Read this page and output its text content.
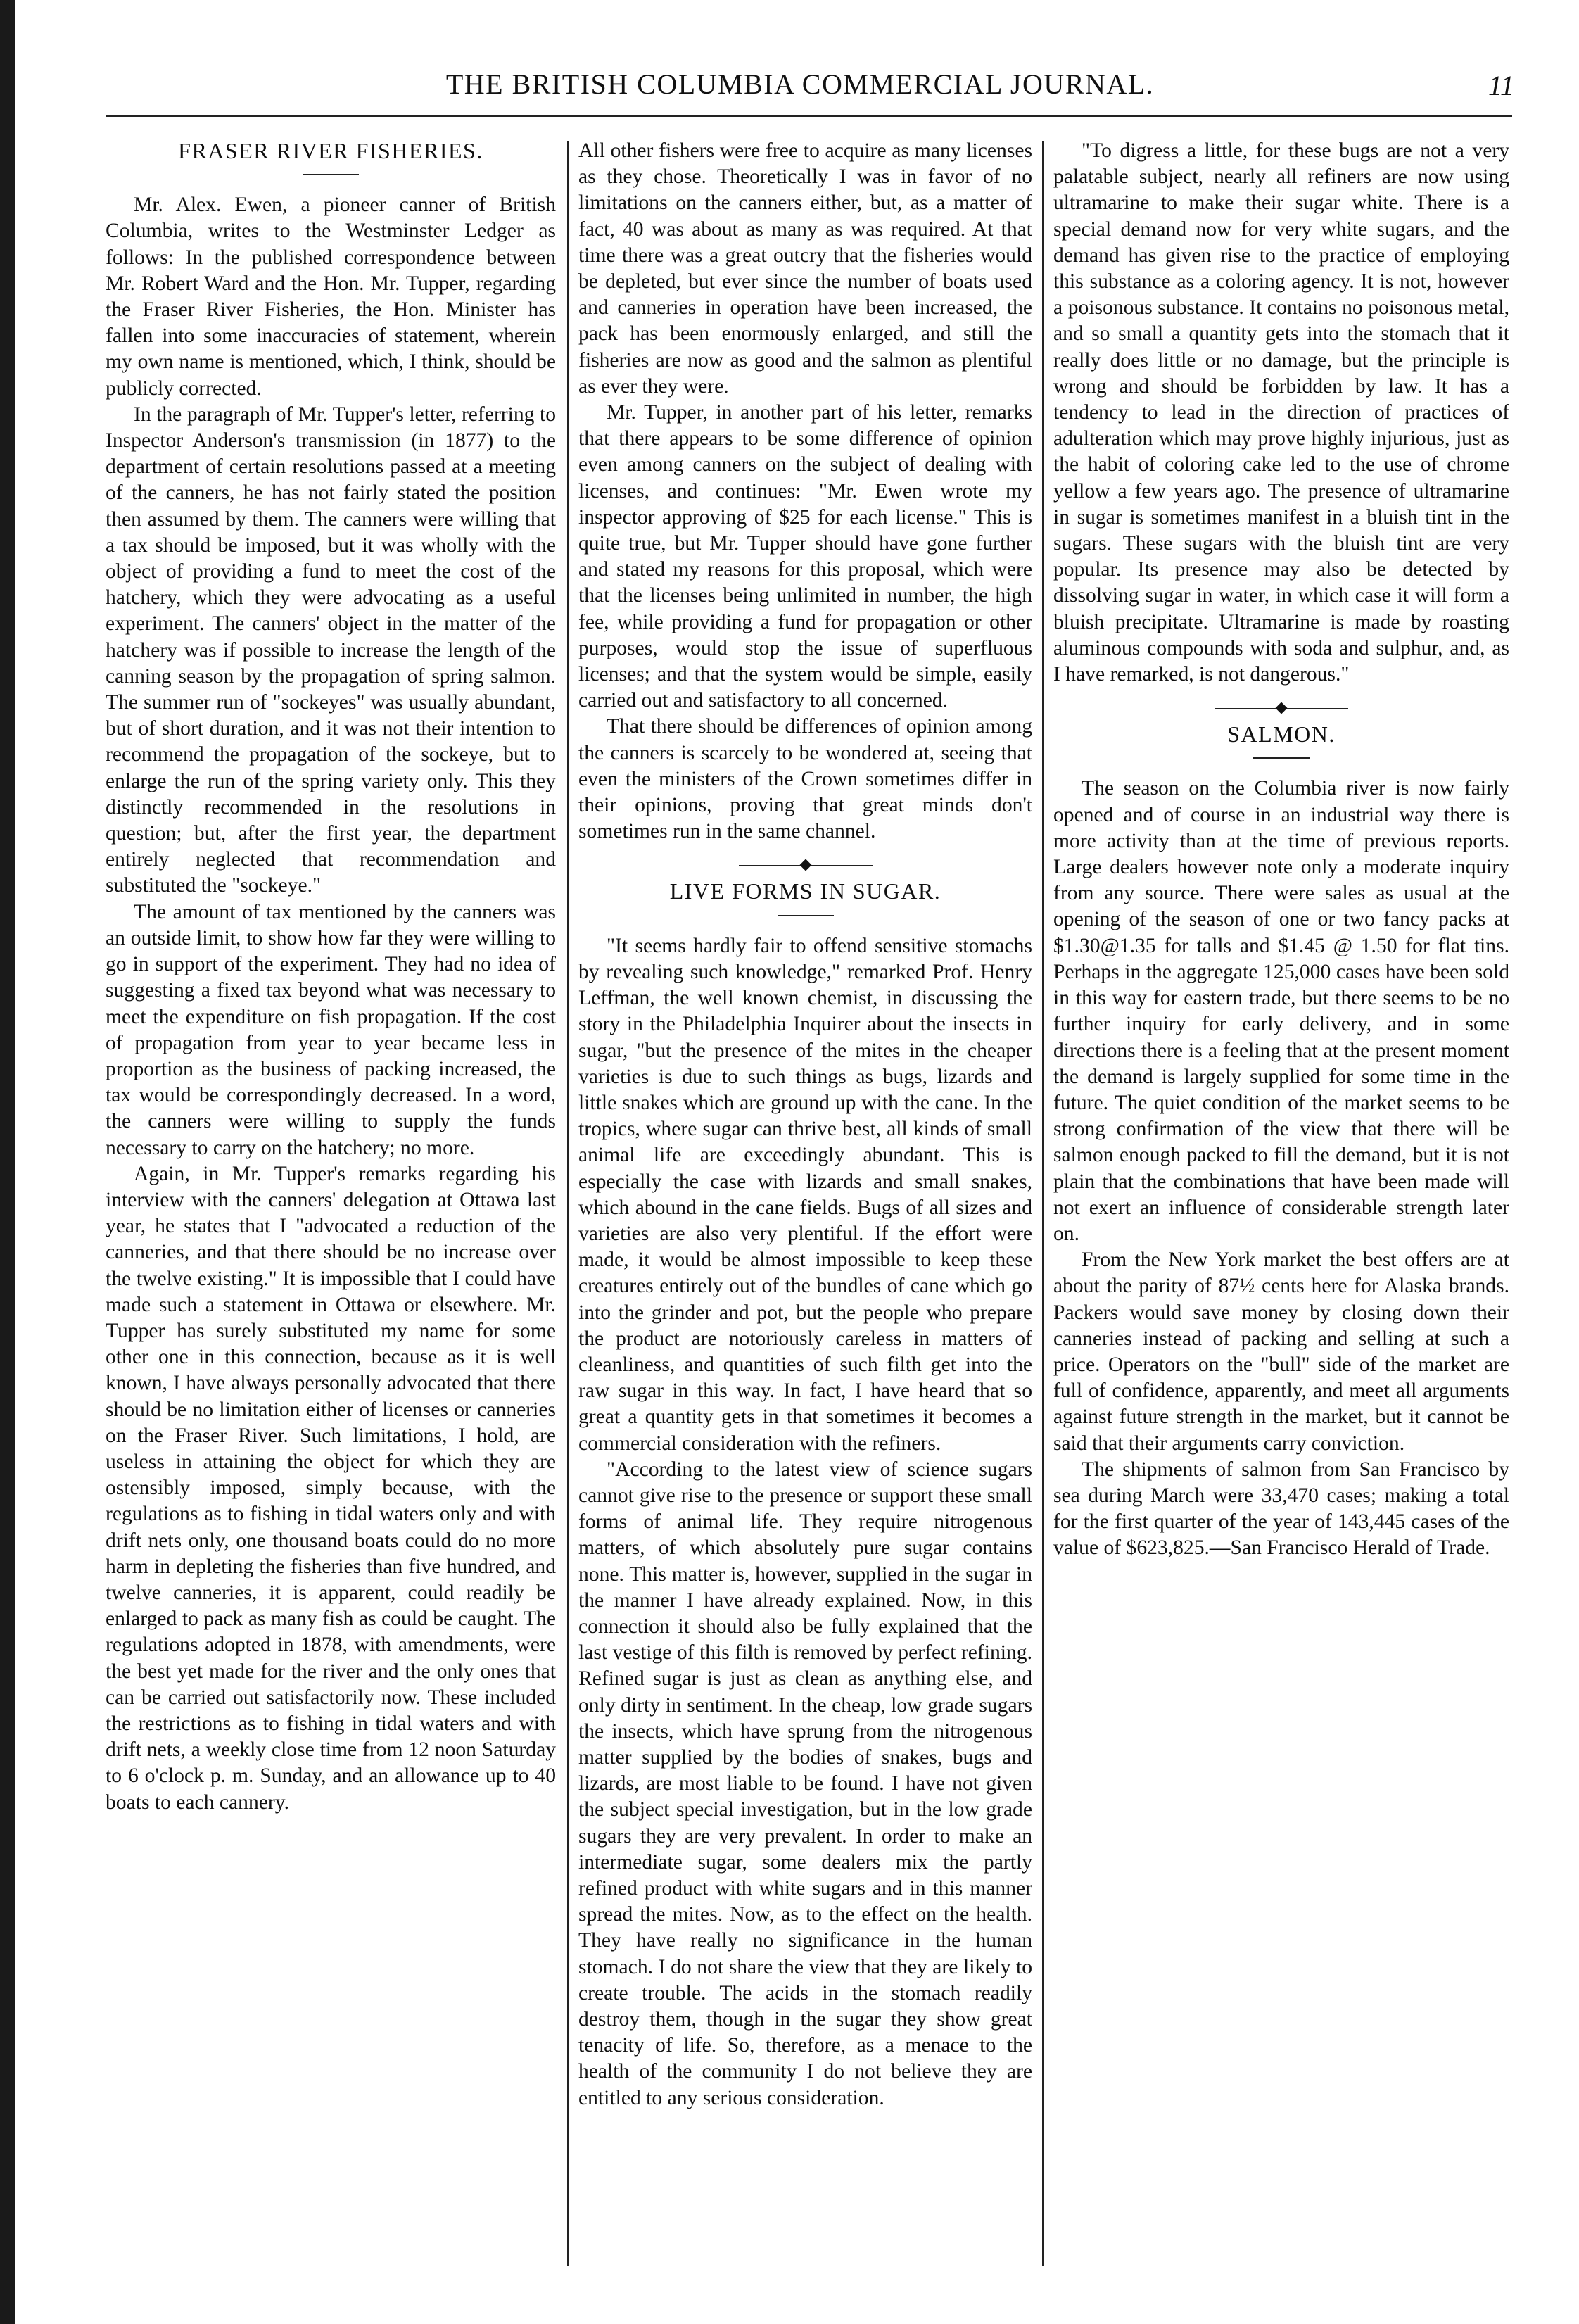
THE BRITISH COLUMBIA COMMERCIAL JOURNAL.	11

FRASER RIVER FISHERIES.

Mr. Alex. Ewen, a pioneer canner of British Columbia, writes to the Westminster Ledger as follows: In the published correspondence between Mr. Robert Ward and the Hon. Mr. Tupper, regarding the Fraser River Fisheries, the Hon. Minister has fallen into some inaccuracies of statement, wherein my own name is mentioned, which, I think, should be publicly corrected.

In the paragraph of Mr. Tupper's letter, referring to Inspector Anderson's transmission (in 1877) to the department of certain resolutions passed at a meeting of the canners, he has not fairly stated the position then assumed by them. The canners were willing that a tax should be imposed, but it was wholly with the object of providing a fund to meet the cost of the hatchery, which they were advocating as a useful experiment. The canners' object in the matter of the hatchery was if possible to increase the length of the canning season by the propagation of spring salmon. The summer run of "sockeyes" was usually abundant, but of short duration, and it was not their intention to recommend the propagation of the sockeye, but to enlarge the run of the spring variety only. This they distinctly recommended in the resolutions in question; but, after the first year, the department entirely neglected that recommendation and substituted the "sockeye."

The amount of tax mentioned by the canners was an outside limit, to show how far they were willing to go in support of the experiment. They had no idea of suggesting a fixed tax beyond what was necessary to meet the expenditure on fish propagation. If the cost of propagation from year to year became less in proportion as the business of packing increased, the tax would be correspondingly decreased. In a word, the canners were willing to supply the funds necessary to carry on the hatchery; no more.

Again, in Mr. Tupper's remarks regarding his interview with the canners' delegation at Ottawa last year, he states that I "advocated a reduction of the canneries, and that there should be no increase over the twelve existing." It is impossible that I could have made such a statement in Ottawa or elsewhere. Mr. Tupper has surely substituted my name for some other one in this connection, because as it is well known, I have always personally advocated that there should be no limitation either of licenses or canneries on the Fraser River. Such limitations, I hold, are useless in attaining the object for which they are ostensibly imposed, simply because, with the regulations as to fishing in tidal waters only and with drift nets only, one thousand boats could do no more harm in depleting the fisheries than five hundred, and twelve canneries, it is apparent, could readily be enlarged to pack as many fish as could be caught. The regulations adopted in 1878, with amendments, were the best yet made for the river and the only ones that can be carried out satisfactorily now. These included the restrictions as to fishing in tidal waters and with drift nets, a weekly close time from 12 noon Saturday to 6 o'clock p. m. Sunday, and an allowance up to 40 boats to each cannery.

All other fishers were free to acquire as many licenses as they chose. Theoretically I was in favor of no limitations on the canners either, but, as a matter of fact, 40 was about as many as was required. At that time there was a great outcry that the fisheries would be depleted, but ever since the number of boats used and canneries in operation have been increased, the pack has been enormously enlarged, and still the fisheries are now as good and the salmon as plentiful as ever they were.

Mr. Tupper, in another part of his letter, remarks that there appears to be some difference of opinion even among canners on the subject of dealing with licenses, and continues: "Mr. Ewen wrote my inspector approving of $25 for each license." This is quite true, but Mr. Tupper should have gone further and stated my reasons for this proposal, which were that the licenses being unlimited in number, the high fee, while providing a fund for propagation or other purposes, would stop the issue of superfluous licenses; and that the system would be simple, easily carried out and satisfactory to all concerned.

That there should be differences of opinion among the canners is scarcely to be wondered at, seeing that even the ministers of the Crown sometimes differ in their opinions, proving that great minds don't sometimes run in the same channel.

LIVE FORMS IN SUGAR.

"It seems hardly fair to offend sensitive stomachs by revealing such knowledge," remarked Prof. Henry Leffman, the well known chemist, in discussing the story in the Philadelphia Inquirer about the insects in sugar, "but the presence of the mites in the cheaper varieties is due to such things as bugs, lizards and little snakes which are ground up with the cane. In the tropics, where sugar can thrive best, all kinds of small animal life are exceedingly abundant. This is especially the case with lizards and small snakes, which abound in the cane fields. Bugs of all sizes and varieties are also very plentiful. If the effort were made, it would be almost impossible to keep these creatures entirely out of the bundles of cane which go into the grinder and pot, but the people who prepare the product are notoriously careless in matters of cleanliness, and quantities of such filth get into the raw sugar in this way. In fact, I have heard that so great a quantity gets in that sometimes it becomes a commercial consideration with the refiners.

"According to the latest view of science sugars cannot give rise to the presence or support these small forms of animal life. They require nitrogenous matters, of which absolutely pure sugar contains none. This matter is, however, supplied in the sugar in the manner I have already explained. Now, in this connection it should also be fully explained that the last vestige of this filth is removed by perfect refining. Refined sugar is just as clean as anything else, and only dirty in sentiment. In the cheap, low grade sugars the insects, which have sprung from the nitrogenous matter supplied by the bodies of snakes, bugs and lizards, are most liable to be found. I have not given the subject special investigation, but in the low grade sugars they are very prevalent. In order to make an intermediate sugar, some dealers mix the partly refined product with white sugars and in this manner spread the mites. Now, as to the effect on the health. They have really no significance in the human stomach. I do not share the view that they are likely to create trouble. The acids in the stomach readily destroy them, though in the sugar they show great tenacity of life. So, therefore, as a menace to the health of the community I do not believe they are entitled to any serious consideration.

"To digress a little, for these bugs are not a very palatable subject, nearly all refiners are now using ultramarine to make their sugar white. There is a special demand now for very white sugars, and the demand has given rise to the practice of employing this substance as a coloring agency. It is not, however a poisonous substance. It contains no poisonous metal, and so small a quantity gets into the stomach that it really does little or no damage, but the principle is wrong and should be forbidden by law. It has a tendency to lead in the direction of practices of adulteration which may prove highly injurious, just as the habit of coloring cake led to the use of chrome yellow a few years ago. The presence of ultramarine in sugar is sometimes manifest in a bluish tint in the sugars. These sugars with the bluish tint are very popular. Its presence may also be detected by dissolving sugar in water, in which case it will form a bluish precipitate. Ultramarine is made by roasting aluminous compounds with soda and sulphur, and, as I have remarked, is not dangerous."

SALMON.

The season on the Columbia river is now fairly opened and of course in an industrial way there is more activity than at the time of previous reports. Large dealers however note only a moderate inquiry from any source. There were sales as usual at the opening of the season of one or two fancy packs at $1.30@1.35 for talls and $1.45 @ 1.50 for flat tins. Perhaps in the aggregate 125,000 cases have been sold in this way for eastern trade, but there seems to be no further inquiry for early delivery, and in some directions there is a feeling that at the present moment the demand is largely supplied for some time in the future. The quiet condition of the market seems to be strong confirmation of the view that there will be salmon enough packed to fill the demand, but it is not plain that the combinations that have been made will not exert an influence of considerable strength later on.

From the New York market the best offers are at about the parity of 87½ cents here for Alaska brands. Packers would save money by closing down their canneries instead of packing and selling at such a price. Operators on the "bull" side of the market are full of confidence, apparently, and meet all arguments against future strength in the market, but it cannot be said that their arguments carry conviction.

The shipments of salmon from San Francisco by sea during March were 33,470 cases; making a total for the first quarter of the year of 143,445 cases of the value of $623,825.—San Francisco Herald of Trade.
